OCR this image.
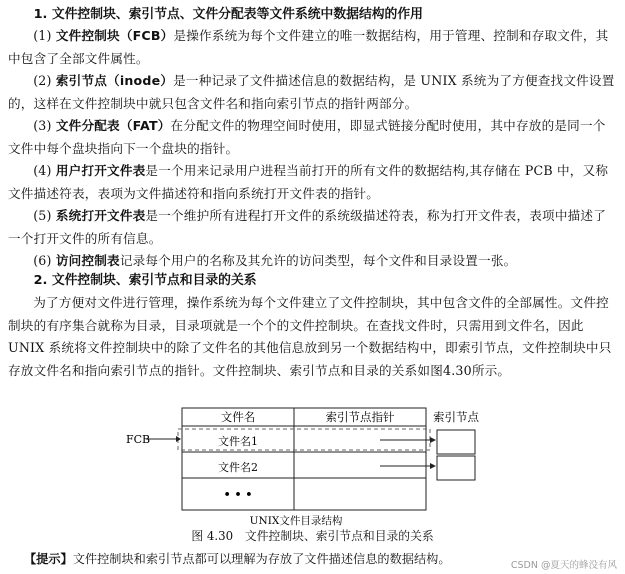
1. 文件控制块、索引节点、文件分配表等文件系统中数据结构的作用

(1) 文件控制块（FCB）是操作系统为每个文件建立的唯一数据结构，用于管理、控制和存取文件，其中包含了全部文件属性。

(2) 索引节点（inode）是一种记录了文件描述信息的数据结构，是 UNIX 系统为了方便查找文件设置的，这样在文件控制块中就只包含文件名和指向索引节点的指针两部分。

(3) 文件分配表（FAT）在分配文件的物理空间时使用，即显式链接分配时使用，其中存放的是同一个文件中每个盘块指向下一个盘块的指针。

(4) 用户打开文件表是一个用来记录用户进程当前打开的所有文件的数据结构,其存储在 PCB 中，又称文件描述符表，表项为文件描述符和指向系统打开文件表的指针。

(5) 系统打开文件表是一个维护所有进程打开文件的系统级描述符表，称为打开文件表，表项中描述了一个打开文件的所有信息。

(6) 访问控制表记录每个用户的名称及其允许的访问类型，每个文件和目录设置一张。

2. 文件控制块、索引节点和目录的关系

为了方便对文件进行管理，操作系统为每个文件建立了文件控制块，其中包含文件的全部属性。文件控制块的有序集合就称为目录，目录项就是一个个的文件控制块。在查找文件时，只需用到文件名，因此 UNIX 系统将文件控制块中的除了文件名的其他信息放到另一个数据结构中，即索引节点，文件控制块中只存放文件名和指向索引节点的指针。文件控制块、索引节点和目录的关系如图4.30所示。

FCB
文件名	索引节点指针	索引节点
文件名1
文件名2
• • •
UNIX文件目录结构
图 4.30　文件控制块、索引节点和目录的关系
【提示】文件控制块和索引节点都可以理解为存放了文件描述信息的数据结构。	CSDN @夏天的蜂没有风
